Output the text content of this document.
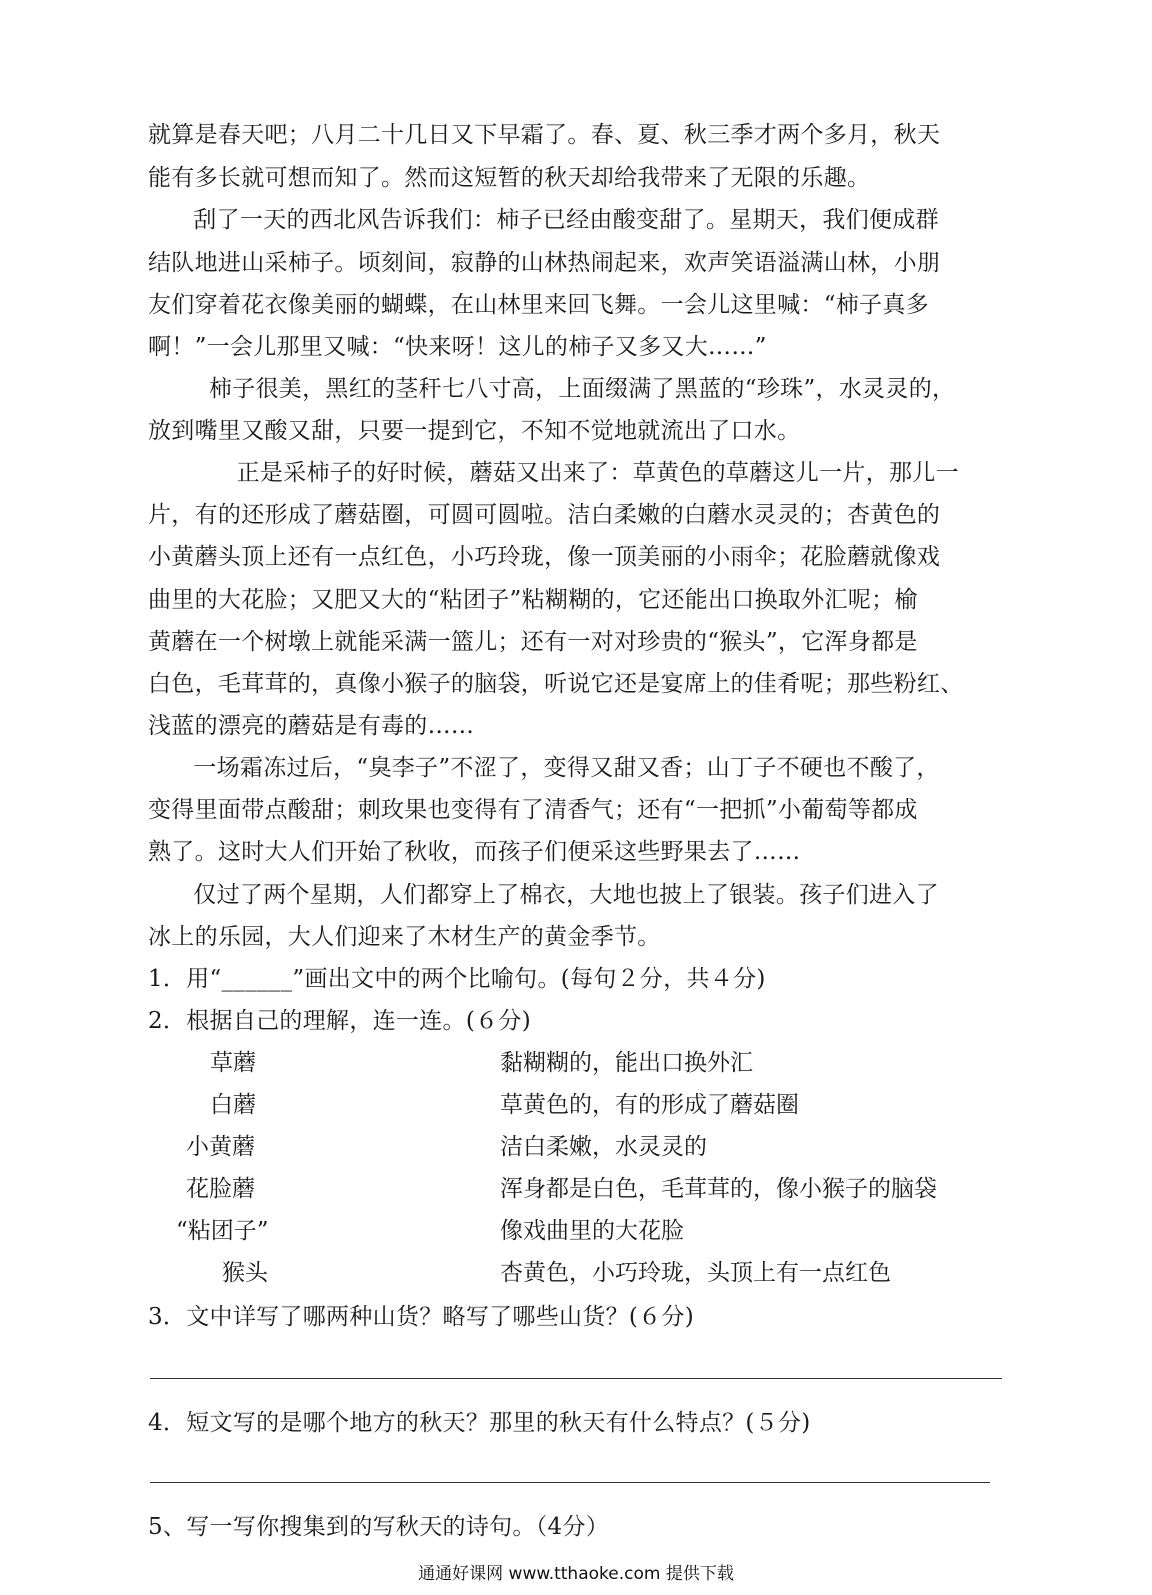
就算是春天吧；八月二十几日又下早霜了。春、夏、秋三季才两个多月，秋天
能有多长就可想而知了。然而这短暂的秋天却给我带来了无限的乐趣。
　刮了一天的西北风告诉我们：柿子已经由酸变甜了。星期天，我们便成群
结队地进山采柿子。顷刻间，寂静的山林热闹起来，欢声笑语溢满山林，小朋
友们穿着花衣像美丽的蝴蝶，在山林里来回飞舞。一会儿这里喊：“柿子真多
啊！”一会儿那里又喊：“快来呀！这儿的柿子又多又大……”
　 柿子很美，黑红的茎秆七八寸高，上面缀满了黑蓝的“珍珠”，水灵灵的，
放到嘴里又酸又甜，只要一提到它，不知不觉地就流出了口水。
　　正是采柿子的好时候，蘑菇又出来了：草黄色的草蘑这儿一片，那儿一
片，有的还形成了蘑菇圈，可圆可圆啦。洁白柔嫩的白蘑水灵灵的；杏黄色的
小黄蘑头顶上还有一点红色，小巧玲珑，像一顶美丽的小雨伞；花脸蘑就像戏
曲里的大花脸；又肥又大的“粘团子”粘糊糊的，它还能出口换取外汇呢；榆
黄蘑在一个树墩上就能采满一篮儿；还有一对对珍贵的“猴头”，它浑身都是
白色，毛茸茸的，真像小猴子的脑袋，听说它还是宴席上的佳肴呢；那些粉红、
浅蓝的漂亮的蘑菇是有毒的……
　一场霜冻过后，“臭李子”不涩了，变得又甜又香；山丁子不硬也不酸了，
变得里面带点酸甜；刺玫果也变得有了清香气；还有“一把抓”小葡萄等都成
熟了。这时大人们开始了秋收，而孩子们便采这些野果去了……
　仅过了两个星期，人们都穿上了棉衣，大地也披上了银装。孩子们进入了
冰上的乐园，大人们迎来了木材生产的黄金季节。
1．用“______”画出文中的两个比喻句。(每句２分，共４分)
2．根据自己的理解，连一连。(６分)
草蘑
白蘑
小黄蘑
花脸蘑
“粘团子”
猴头
黏糊糊的，能出口换外汇
草黄色的，有的形成了蘑菇圈
洁白柔嫩，水灵灵的
浑身都是白色，毛茸茸的，像小猴子的脑袋
像戏曲里的大花脸
杏黄色，小巧玲珑，头顶上有一点红色
3．文中详写了哪两种山货？略写了哪些山货？(６分)
4．短文写的是哪个地方的秋天？那里的秋天有什么特点？(５分)
5、写一写你搜集到的写秋天的诗句。（4分）
通通好课网 www.tthaoke.com 提供下载
